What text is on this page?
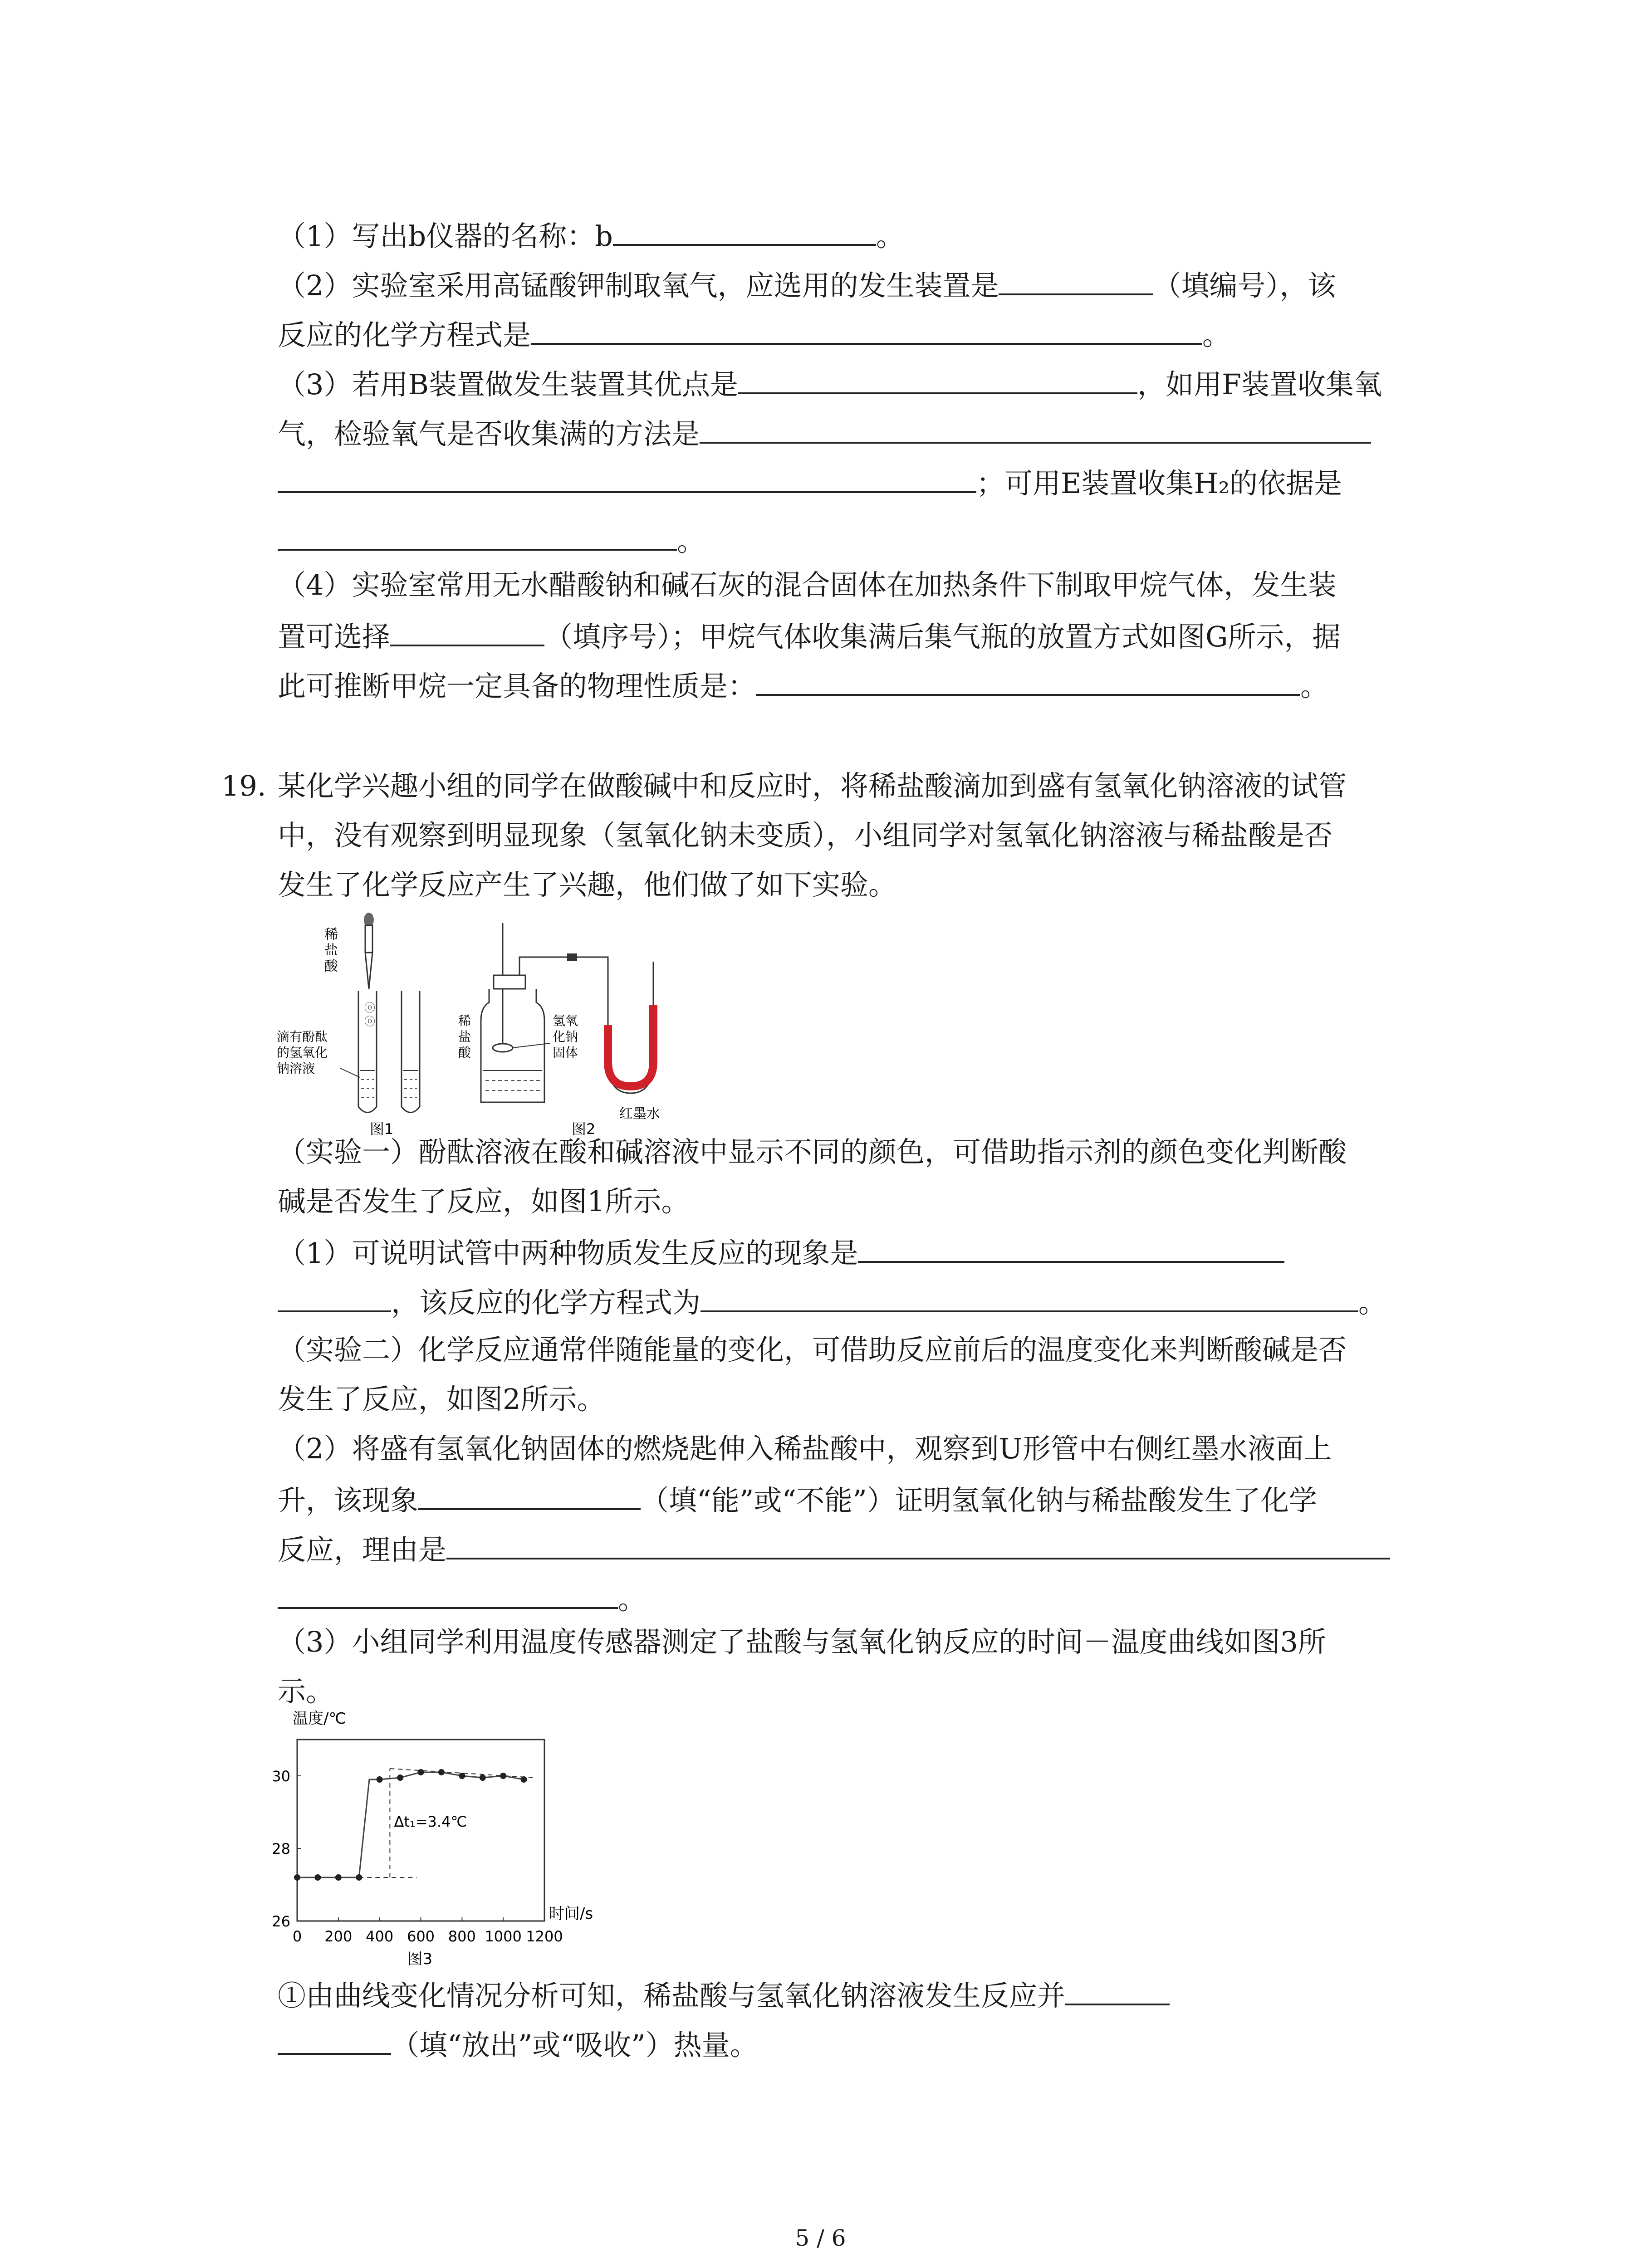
（1）写出b仪器的名称：b	。
（2）实验室采用高锰酸钾制取氧气，应选用的发生装置是	（填编号），该
反应的化学方程式是	。
（3）若用B装置做发生装置其优点是	，如用F装置收集氧
气，检验氧气是否收集满的方法是
；可用E装置收集H₂的依据是
。
（4）实验室常用无水醋酸钠和碱石灰的混合固体在加热条件下制取甲烷气体，发生装
置可选择	（填序号）；甲烷气体收集满后集气瓶的放置方式如图G所示，据
此可推断甲烷一定具备的物理性质是：	。
19. 某化学兴趣小组的同学在做酸碱中和反应时，将稀盐酸滴加到盛有氢氧化钠溶液的试管
中，没有观察到明显现象（氢氧化钠未变质），小组同学对氢氧化钠溶液与稀盐酸是否
发生了化学反应产生了兴趣，他们做了如下实验。
稀
盐
酸
ⓞ
ⓞ
滴有酚酞
的氢氧化
钠溶液
图1
稀
盐
酸
氢氧
化钠
固体
红墨水
图2
（实验一）酚酞溶液在酸和碱溶液中显示不同的颜色，可借助指示剂的颜色变化判断酸
碱是否发生了反应，如图1所示。
（1）可说明试管中两种物质发生反应的现象是
，该反应的化学方程式为	。
（实验二）化学反应通常伴随能量的变化，可借助反应前后的温度变化来判断酸碱是否
发生了反应，如图2所示。
（2）将盛有氢氧化钠固体的燃烧匙伸入稀盐酸中，观察到U形管中右侧红墨水液面上
升，该现象	（填“能”或“不能”）证明氢氧化钠与稀盐酸发生了化学
反应，理由是
。
（3）小组同学利用温度传感器测定了盐酸与氢氧化钠反应的时间－温度曲线如图3所
示。
温度/℃
0 200 400 600 800 1000 1200
26
28
30
Δt₁=3.4℃
时间/s
图3
①由曲线变化情况分析可知，稀盐酸与氢氧化钠溶液发生反应并
（填“放出”或“吸收”）热量。
5 / 6
